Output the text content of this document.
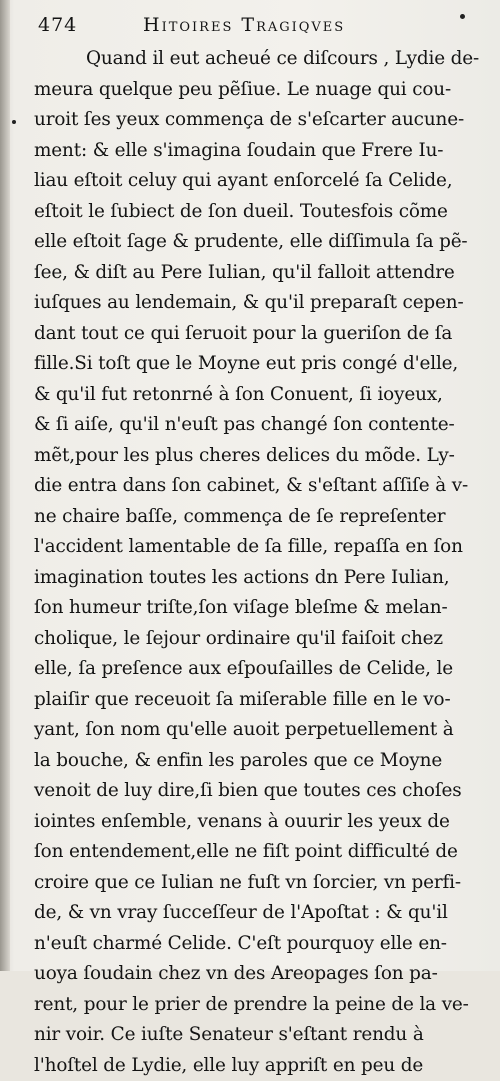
474	Hitoires Tragiqves
Quand il eut acheué ce diſcours , Lydie de-
meura quelque peu pẽſiue. Le nuage qui cou-
uroit ſes yeux commença de s'eſcarter aucune-
ment: & elle s'imagina ſoudain que Frere Iu-
liau eſtoit celuy qui ayant enſorcelé ſa Celide,
eſtoit le ſubiect de ſon dueil. Toutesfois cõme
elle eſtoit ſage & prudente, elle diſſimula ſa pẽ-
ſee, & diſt au Pere Iulian, qu'il falloit attendre
iuſques au lendemain, & qu'il preparaſt cepen-
dant tout ce qui ſeruoit pour la gueriſon de ſa
fille.Si toſt que le Moyne eut pris congé d'elle,
& qu'il fut retonrné à ſon Conuent, ſi ioyeux,
& ſi aiſe, qu'il n'euſt pas changé ſon contente-
mẽt,pour les plus cheres delices du mõde. Ly-
die entra dans ſon cabinet, & s'eſtant aſſiſe à v-
ne chaire baſſe, commença de ſe repreſenter
l'accident lamentable de ſa fille, repaſſa en ſon
imagination toutes les actions dn Pere Iulian,
ſon humeur triſte,ſon viſage bleſme & melan-
cholique, le ſejour ordinaire qu'il faiſoit chez
elle, ſa preſence aux eſpouſailles de Celide, le
plaiſir que receuoit ſa miſerable fille en le vo-
yant, ſon nom qu'elle auoit perpetuellement à
la bouche, & enfin les paroles que ce Moyne
venoit de luy dire,ſi bien que toutes ces choſes
iointes enſemble, venans à ouurir les yeux de
ſon entendement,elle ne fiſt point difficulté de
croire que ce Iulian ne fuſt vn ſorcier, vn perfi-
de, & vn vray ſucceſſeur de l'Apoſtat : & qu'il
n'euſt charmé Celide. C'eſt pourquoy elle en-
uoya ſoudain chez vn des Areopages ſon pa-
rent, pour le prier de prendre la peine de la ve-
nir voir. Ce iuſte Senateur s'eſtant rendu à
l'hoſtel de Lydie, elle luy appriſt en peu de
